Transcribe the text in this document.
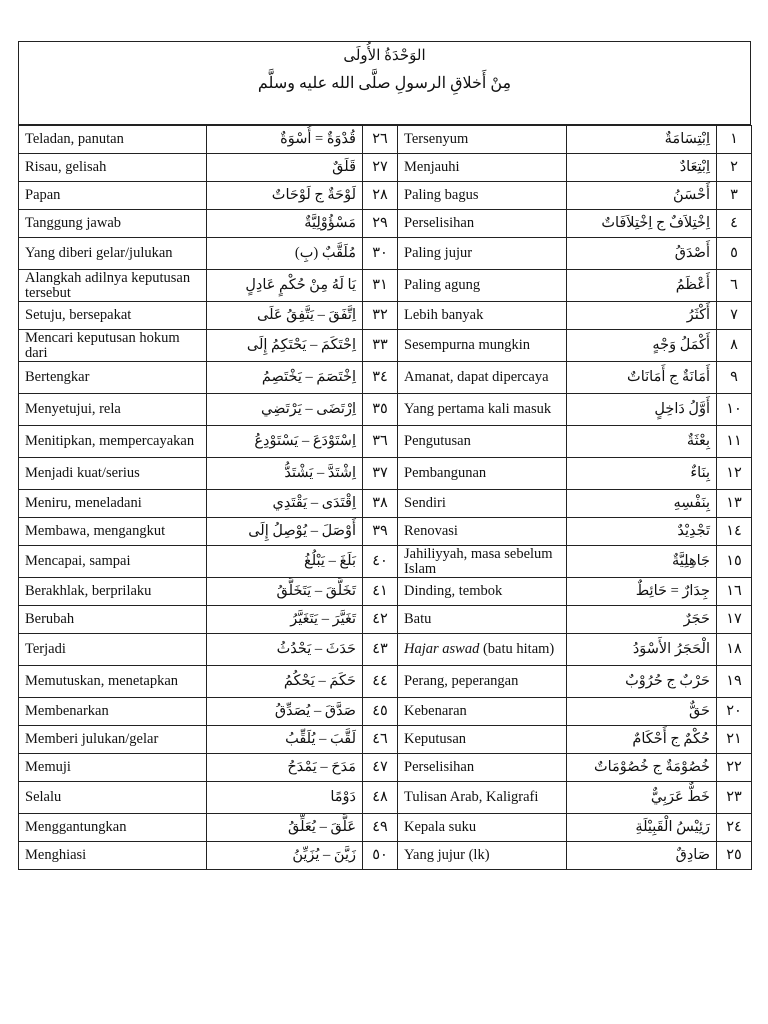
الوَحْدَةُ الأُولَى
مِنْ أَخلاقِ الرسولِ صلَّى الله عليه وسلَّم
Teladan, panutan	قُدْوَةٌ = أُسْوَةٌ	٢٦	Tersenyum	اِبْتِسَامَةٌ	١
Risau, gelisah	قَلَقٌ	٢٧	Menjauhi	اِبْتِعَادٌ	٢
Papan	لَوْحَةٌ ج لَوْحَاتٌ	٢٨	Paling bagus	أَحْسَنُ	٣
Tanggung jawab	مَسْؤُوْلِيَّةٌ	٢٩	Perselisihan	اِخْتِلاَفٌ ج اِخْتِلاَفَاتٌ	٤
Yang diberi gelar/julukan	مُلَقَّبٌ (بِ)	٣٠	Paling jujur	أَصْدَقُ	٥
Alangkah adilnya keputusan tersebut	يَا لَهُ مِنْ حُكْمٍ عَادِلٍ	٣١	Paling agung	أَعْظَمُ	٦
Setuju, bersepakat	اِتَّفَقَ – يَتَّفِقُ عَلَى	٣٢	Lebih banyak	أَكْثَرُ	٧
Mencari keputusan hokum dari	اِحْتَكَمَ – يَحْتَكِمُ إِلَى	٣٣	Sesempurna mungkin	أَكْمَلُ وَجْهٍ	٨
Bertengkar	اِخْتَصَمَ – يَخْتَصِمُ	٣٤	Amanat, dapat dipercaya	أَمَانَةٌ ج أَمَانَاتٌ	٩
Menyetujui, rela	اِرْتَضَى – يَرْتَضِي	٣٥	Yang pertama kali masuk	أَوَّلُ دَاخِلٍ	١٠
Menitipkan, mempercayakan	اِسْتَوْدَعَ – يَسْتَوْدِعُ	٣٦	Pengutusan	بِعْثَةٌ	١١
Menjadi kuat/serius	اِشْتَدَّ – يَشْتَدُّ	٣٧	Pembangunan	بِنَاءٌ	١٢
Meniru, meneladani	اِقْتَدَى – يَقْتَدِي	٣٨	Sendiri	بِنَفْسِهِ	١٣
Membawa, mengangkut	أَوْصَلَ – يُوْصِلُ إِلَى	٣٩	Renovasi	تَجْدِيْدٌ	١٤
Mencapai, sampai	بَلَغَ – يَبْلُغُ	٤٠	Jahiliyyah, masa sebelum Islam	جَاهِلِيَّةٌ	١٥
Berakhlak, berprilaku	تَخَلَّقَ – يَتَخَلَّقُ	٤١	Dinding, tembok	جِدَارٌ = حَائِطٌ	١٦
Berubah	تَغَيَّرَ – يَتَغَيَّرُ	٤٢	Batu	حَجَرٌ	١٧
Terjadi	حَدَثَ – يَحْدُثُ	٤٣	Hajar aswad (batu hitam)	الْحَجَرُ الأَسْوَدُ	١٨
Memutuskan, menetapkan	حَكَمَ – يَحْكُمُ	٤٤	Perang, peperangan	حَرْبٌ ج حُرُوْبٌ	١٩
Membenarkan	صَدَّقَ – يُصَدِّقُ	٤٥	Kebenaran	حَقٌّ	٢٠
Memberi julukan/gelar	لَقَّبَ – يُلَقِّبُ	٤٦	Keputusan	حُكْمٌ ج أَحْكَامٌ	٢١
Memuji	مَدَحَ – يَمْدَحُ	٤٧	Perselisihan	خُصُوْمَةٌ ج خُصُوْمَاتٌ	٢٢
Selalu	دَوْمًا	٤٨	Tulisan Arab, Kaligrafi	خَطٌّ عَرَبِيٌّ	٢٣
Menggantungkan	عَلَّقَ – يُعَلِّقُ	٤٩	Kepala suku	رَئِيْسُ الْقَبِيْلَةِ	٢٤
Menghiasi	زَيَّنَ – يُزَيِّنُ	٥٠	Yang jujur (lk)	صَادِقٌ	٢٥
